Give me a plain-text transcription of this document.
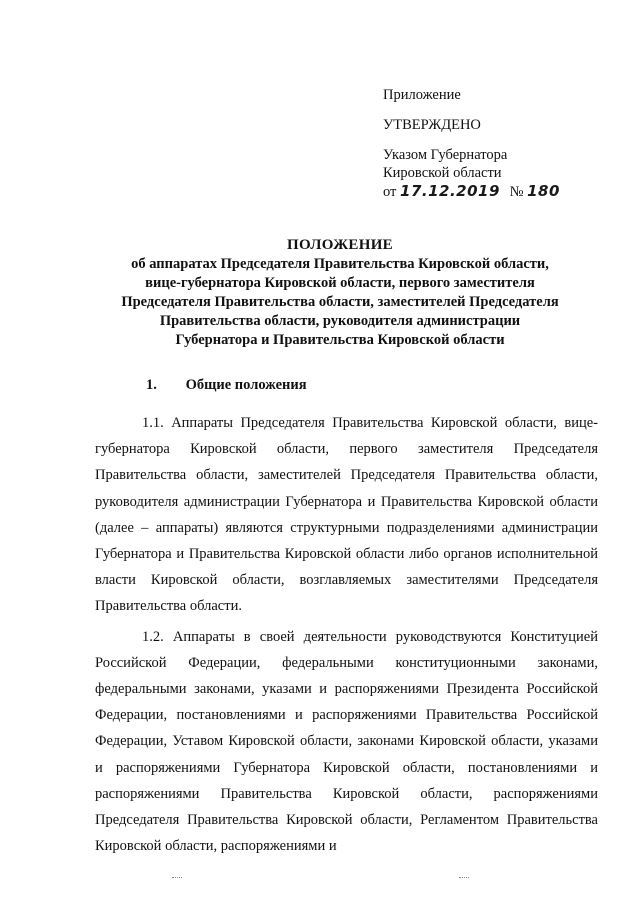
Приложение
УТВЕРЖДЕНО
Указом Губернатора
Кировской области
от 17.12.2019 № 180
ПОЛОЖЕНИЕ
об аппаратах Председателя Правительства Кировской области,
вице-губернатора Кировской области, первого заместителя
Председателя Правительства области, заместителей Председателя
Правительства области, руководителя администрации
Губернатора и Правительства Кировской области
1. Общие положения

1.1. Аппараты Председателя Правительства Кировской области, вице-губернатора Кировской области, первого заместителя Председателя Правительства области, заместителей Председателя Правительства области, руководителя администрации Губернатора и Правительства Кировской области (далее – аппараты) являются структурными подразделениями администрации Губернатора и Правительства Кировской области либо органов исполнительной власти Кировской области, возглавляемых заместителями Председателя Правительства области.

1.2. Аппараты в своей деятельности руководствуются Конституцией Российской Федерации, федеральными конституционными законами, федеральными законами, указами и распоряжениями Президента Российской Федерации, постановлениями и распоряжениями Правительства Российской Федерации, Уставом Кировской области, законами Кировской области, указами и распоряжениями Губернатора Кировской области, постановлениями и распоряжениями Правительства Кировской области, распоряжениями Председателя Правительства Кировской области, Регламентом Правительства Кировской области, распоряжениями и
